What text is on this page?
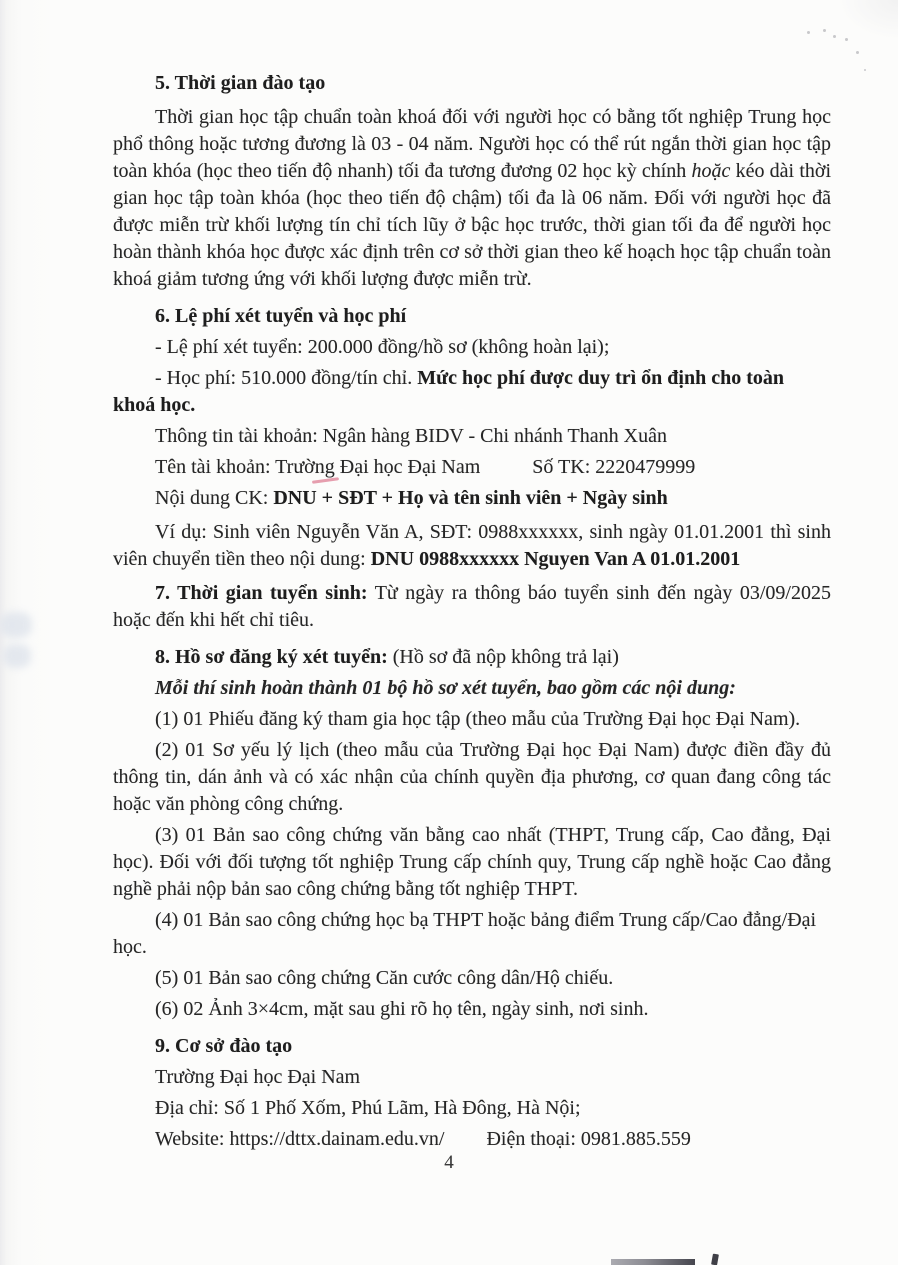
5. Thời gian đào tạo

Thời gian học tập chuẩn toàn khoá đối với người học có bằng tốt nghiệp Trung học phổ thông hoặc tương đương là 03 - 04 năm. Người học có thể rút ngắn thời gian học tập toàn khóa (học theo tiến độ nhanh) tối đa tương đương 02 học kỳ chính hoặc kéo dài thời gian học tập toàn khóa (học theo tiến độ chậm) tối đa là 06 năm. Đối với người học đã được miễn trừ khối lượng tín chỉ tích lũy ở bậc học trước, thời gian tối đa để người học hoàn thành khóa học được xác định trên cơ sở thời gian theo kế hoạch học tập chuẩn toàn khoá giảm tương ứng với khối lượng được miễn trừ.

6. Lệ phí xét tuyển và học phí

- Lệ phí xét tuyển: 200.000 đồng/hồ sơ (không hoàn lại);

- Học phí: 510.000 đồng/tín chỉ. Mức học phí được duy trì ổn định cho toàn khoá học.

Thông tin tài khoản: Ngân hàng BIDV - Chi nhánh Thanh Xuân

Tên tài khoản: Trường Đại học Đại Nam	Số TK: 2220479999

Nội dung CK: DNU + SĐT + Họ và tên sinh viên + Ngày sinh

Ví dụ: Sinh viên Nguyễn Văn A, SĐT: 0988xxxxxx, sinh ngày 01.01.2001 thì sinh viên chuyển tiền theo nội dung: DNU 0988xxxxxx Nguyen Van A 01.01.2001

7. Thời gian tuyển sinh: Từ ngày ra thông báo tuyển sinh đến ngày 03/09/2025 hoặc đến khi hết chỉ tiêu.

8. Hồ sơ đăng ký xét tuyển: (Hồ sơ đã nộp không trả lại)

Mỗi thí sinh hoàn thành 01 bộ hồ sơ xét tuyển, bao gồm các nội dung:

(1) 01 Phiếu đăng ký tham gia học tập (theo mẫu của Trường Đại học Đại Nam).

(2) 01 Sơ yếu lý lịch (theo mẫu của Trường Đại học Đại Nam) được điền đầy đủ thông tin, dán ảnh và có xác nhận của chính quyền địa phương, cơ quan đang công tác hoặc văn phòng công chứng.

(3) 01 Bản sao công chứng văn bằng cao nhất (THPT, Trung cấp, Cao đẳng, Đại học). Đối với đối tượng tốt nghiệp Trung cấp chính quy, Trung cấp nghề hoặc Cao đẳng nghề phải nộp bản sao công chứng bằng tốt nghiệp THPT.

(4) 01 Bản sao công chứng học bạ THPT hoặc bảng điểm Trung cấp/Cao đẳng/Đại học.

(5) 01 Bản sao công chứng Căn cước công dân/Hộ chiếu.

(6) 02 Ảnh 3×4cm, mặt sau ghi rõ họ tên, ngày sinh, nơi sinh.

9. Cơ sở đào tạo

Trường Đại học Đại Nam

Địa chỉ: Số 1 Phố Xốm, Phú Lãm, Hà Đông, Hà Nội;

Website: https://dttx.dainam.edu.vn/ Điện thoại: 0981.885.559

4
